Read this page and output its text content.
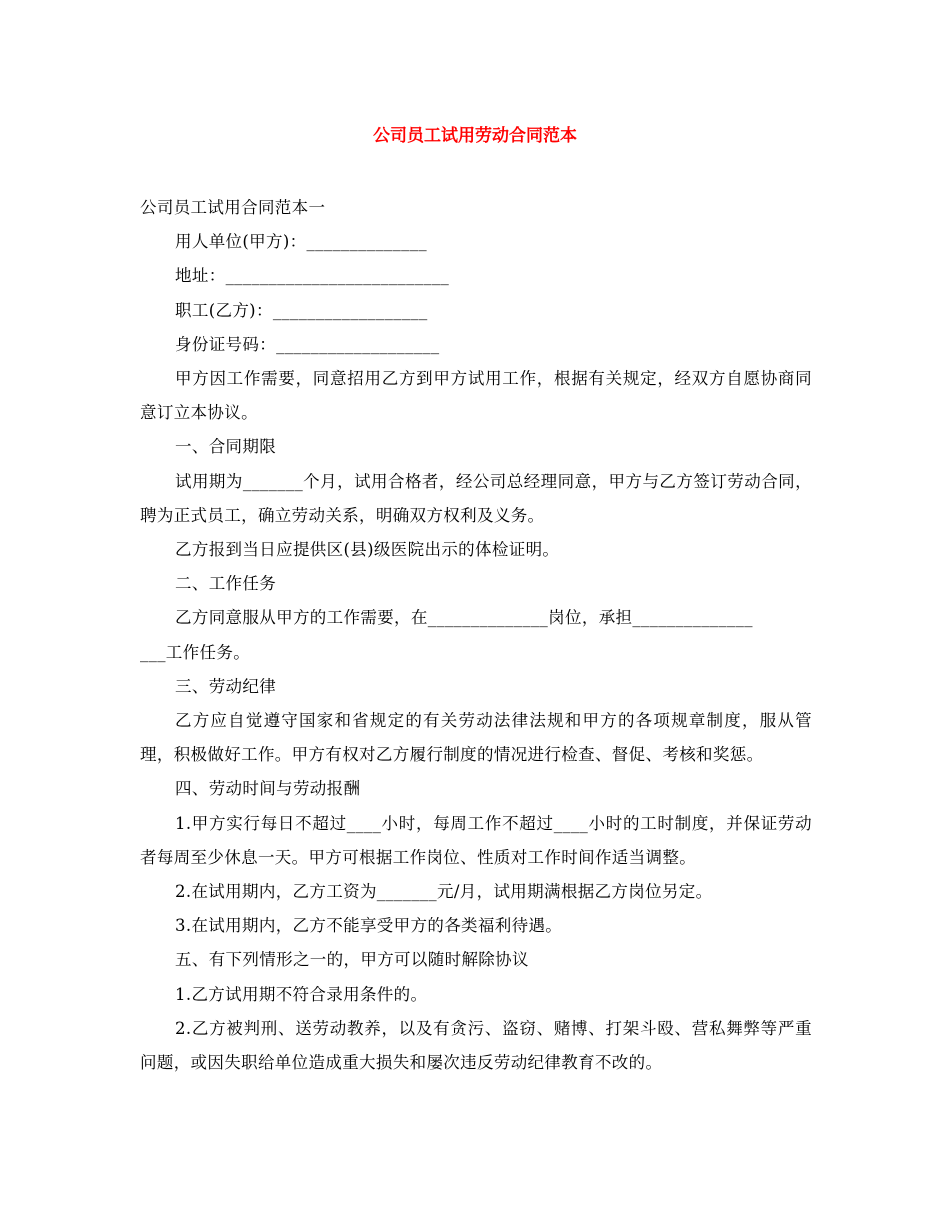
公司员工试用劳动合同范本

公司员工试用合同范本一

用人单位(甲方)：______________

地址：__________________________

职工(乙方)：__________________

身份证号码：___________________

甲方因工作需要，同意招用乙方到甲方试用工作，根据有关规定，经双方自愿协商同意订立本协议。

一、合同期限

试用期为_______个月，试用合格者，经公司总经理同意，甲方与乙方签订劳动合同，聘为正式员工，确立劳动关系，明确双方权利及义务。

乙方报到当日应提供区(县)级医院出示的体检证明。

二、工作任务

乙方同意服从甲方的工作需要，在______________岗位，承担______________

___工作任务。

三、劳动纪律

乙方应自觉遵守国家和省规定的有关劳动法律法规和甲方的各项规章制度，服从管理，积极做好工作。甲方有权对乙方履行制度的情况进行检查、督促、考核和奖惩。

四、劳动时间与劳动报酬

1.甲方实行每日不超过____小时，每周工作不超过____小时的工时制度，并保证劳动者每周至少休息一天。甲方可根据工作岗位、性质对工作时间作适当调整。

2.在试用期内，乙方工资为_______元/月，试用期满根据乙方岗位另定。

3.在试用期内，乙方不能享受甲方的各类福利待遇。

五、有下列情形之一的，甲方可以随时解除协议

1.乙方试用期不符合录用条件的。

2.乙方被判刑、送劳动教养，以及有贪污、盗窃、赌博、打架斗殴、营私舞弊等严重问题，或因失职给单位造成重大损失和屡次违反劳动纪律教育不改的。
